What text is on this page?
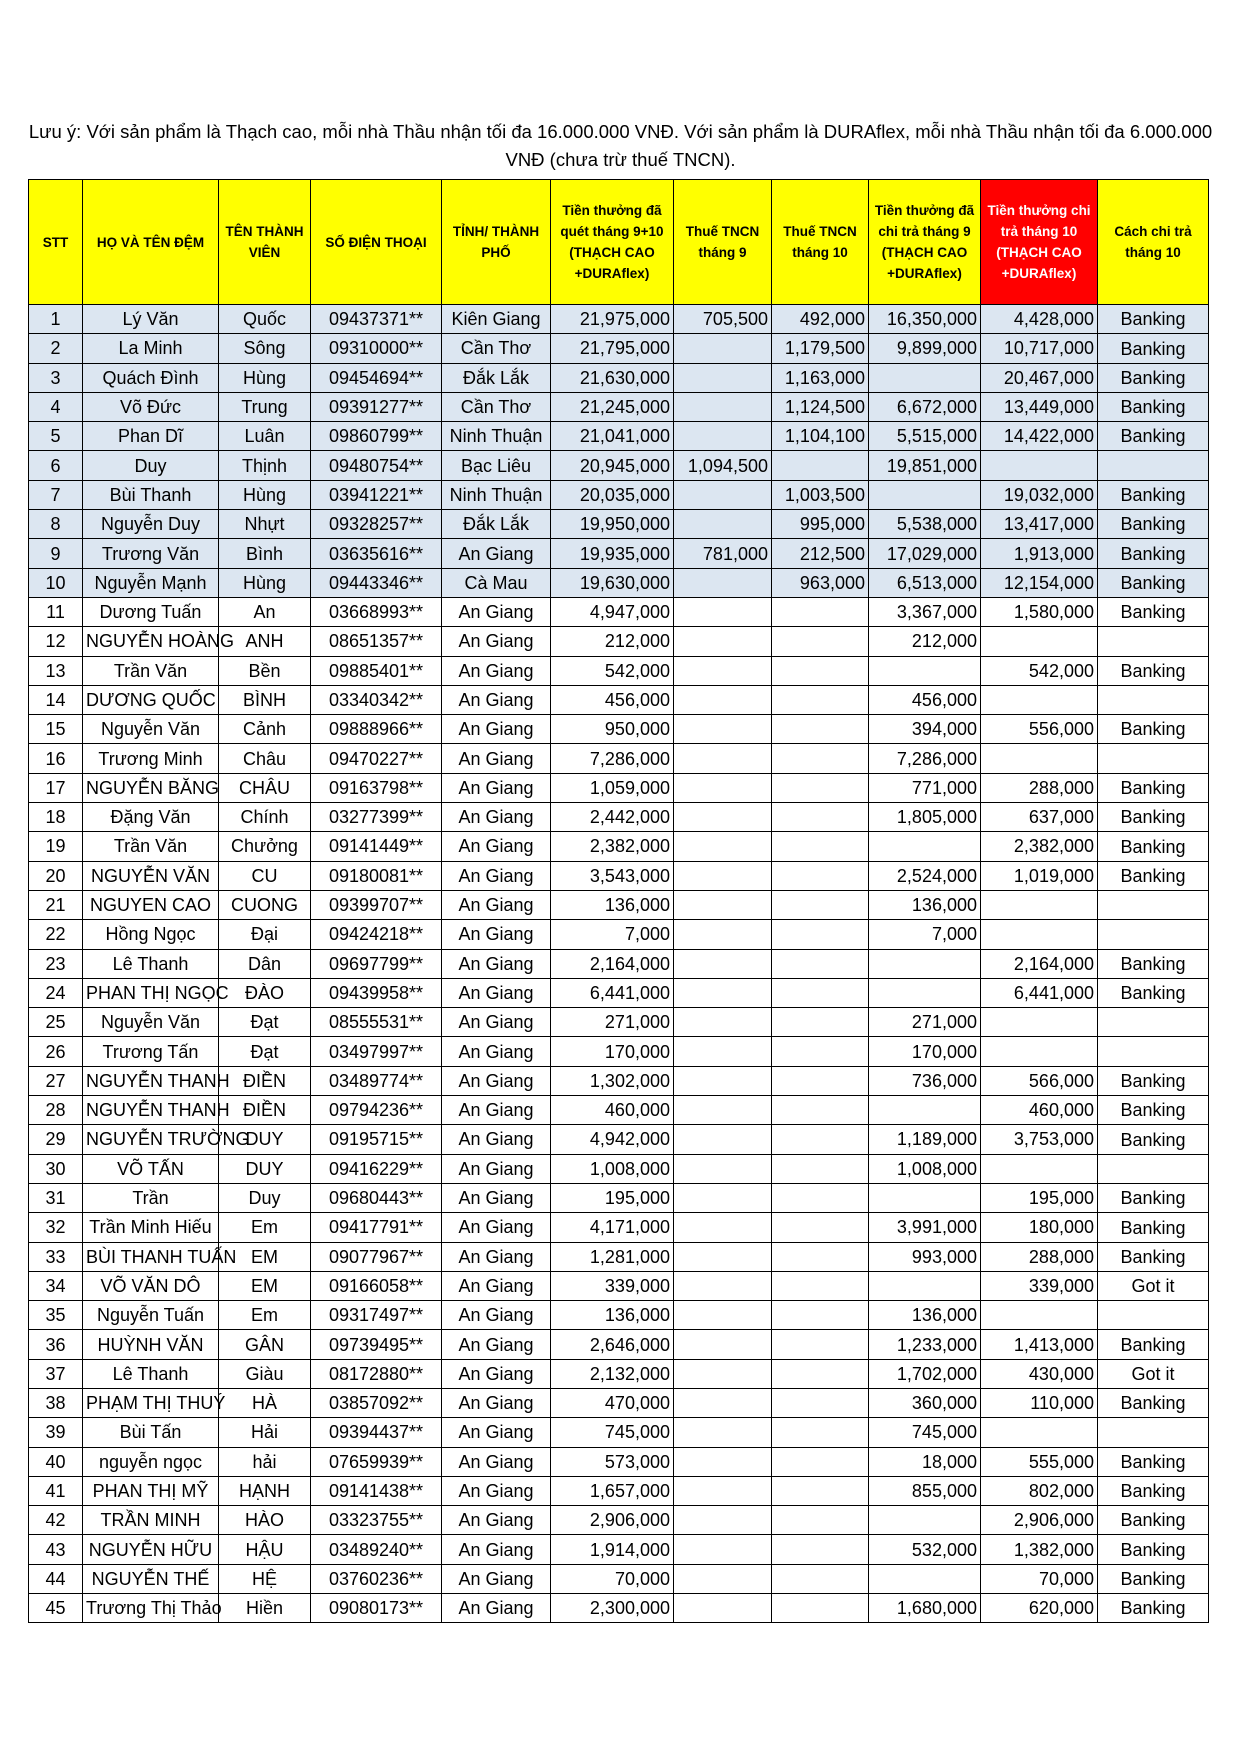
Lưu ý: Với sản phẩm là Thạch cao, mỗi nhà Thầu nhận tối đa 16.000.000 VNĐ. Với sản phẩm là DURAflex, mỗi nhà Thầu nhận tối đa 6.000.000 VNĐ (chưa trừ thuế TNCN).
STT	HỌ VÀ TÊN ĐỆM	TÊN THÀNH VIÊN	SỐ ĐIỆN THOẠI	TỈNH/ THÀNH PHỐ	Tiền thưởng đã quét tháng 9+10 (THẠCH CAO +DURAflex)	Thuế TNCN tháng 9	Thuế TNCN tháng 10	Tiền thưởng đã chi trả tháng 9 (THẠCH CAO +DURAflex)	Tiền thưởng chi trả tháng 10 (THẠCH CAO +DURAflex)	Cách chi trả tháng 10
1	Lý Văn	Quốc	09437371**	Kiên Giang	21,975,000	705,500	492,000	16,350,000	4,428,000	Banking
2	La Minh	Sông	09310000**	Cần Thơ	21,795,000		1,179,500	9,899,000	10,717,000	Banking
3	Quách Đình	Hùng	09454694**	Đắk Lắk	21,630,000		1,163,000		20,467,000	Banking
4	Võ Đức	Trung	09391277**	Cần Thơ	21,245,000		1,124,500	6,672,000	13,449,000	Banking
5	Phan Dĩ	Luân	09860799**	Ninh Thuận	21,041,000		1,104,100	5,515,000	14,422,000	Banking
6	Duy	Thịnh	09480754**	Bạc Liêu	20,945,000	1,094,500		19,851,000		
7	Bùi Thanh	Hùng	03941221**	Ninh Thuận	20,035,000		1,003,500		19,032,000	Banking
8	Nguyễn Duy	Nhựt	09328257**	Đắk Lắk	19,950,000		995,000	5,538,000	13,417,000	Banking
9	Trương Văn	Bình	03635616**	An Giang	19,935,000	781,000	212,500	17,029,000	1,913,000	Banking
10	Nguyễn Mạnh	Hùng	09443346**	Cà Mau	19,630,000		963,000	6,513,000	12,154,000	Banking
11	Dương Tuấn	An	03668993**	An Giang	4,947,000			3,367,000	1,580,000	Banking
12	NGUYỄN HOÀNG	ANH	08651357**	An Giang	212,000			212,000		
13	Trần Văn	Bền	09885401**	An Giang	542,000				542,000	Banking
14	DƯƠNG QUỐC	BÌNH	03340342**	An Giang	456,000			456,000		
15	Nguyễn Văn	Cảnh	09888966**	An Giang	950,000			394,000	556,000	Banking
16	Trương Minh	Châu	09470227**	An Giang	7,286,000			7,286,000		
17	NGUYỄN BĂNG	CHÂU	09163798**	An Giang	1,059,000			771,000	288,000	Banking
18	Đặng Văn	Chính	03277399**	An Giang	2,442,000			1,805,000	637,000	Banking
19	Trần Văn	Chưởng	09141449**	An Giang	2,382,000				2,382,000	Banking
20	NGUYỄN VĂN	CU	09180081**	An Giang	3,543,000			2,524,000	1,019,000	Banking
21	NGUYEN CAO	CUONG	09399707**	An Giang	136,000			136,000		
22	Hồng Ngọc	Đại	09424218**	An Giang	7,000			7,000		
23	Lê Thanh	Dân	09697799**	An Giang	2,164,000				2,164,000	Banking
24	PHAN THỊ NGỌC	ĐÀO	09439958**	An Giang	6,441,000				6,441,000	Banking
25	Nguyễn Văn	Đạt	08555531**	An Giang	271,000			271,000		
26	Trương Tấn	Đạt	03497997**	An Giang	170,000			170,000		
27	NGUYỄN THANH	ĐIỀN	03489774**	An Giang	1,302,000			736,000	566,000	Banking
28	NGUYỄN THANH	ĐIỀN	09794236**	An Giang	460,000				460,000	Banking
29	NGUYỄN TRƯỜNG	DUY	09195715**	An Giang	4,942,000			1,189,000	3,753,000	Banking
30	VÕ TẤN	DUY	09416229**	An Giang	1,008,000			1,008,000		
31	Trần	Duy	09680443**	An Giang	195,000				195,000	Banking
32	Trần Minh Hiếu	Em	09417791**	An Giang	4,171,000			3,991,000	180,000	Banking
33	BÙI THANH TUẤN	EM	09077967**	An Giang	1,281,000			993,000	288,000	Banking
34	VÕ VĂN DÔ	EM	09166058**	An Giang	339,000				339,000	Got it
35	Nguyễn Tuấn	Em	09317497**	An Giang	136,000			136,000		
36	HUỲNH VĂN	GÂN	09739495**	An Giang	2,646,000			1,233,000	1,413,000	Banking
37	Lê Thanh	Giàu	08172880**	An Giang	2,132,000			1,702,000	430,000	Got it
38	PHẠM THỊ THUÝ	HÀ	03857092**	An Giang	470,000			360,000	110,000	Banking
39	Bùi Tấn	Hải	09394437**	An Giang	745,000			745,000		
40	nguyễn ngọc	hải	07659939**	An Giang	573,000			18,000	555,000	Banking
41	PHAN THỊ MỸ	HẠNH	09141438**	An Giang	1,657,000			855,000	802,000	Banking
42	TRẦN MINH	HÀO	03323755**	An Giang	2,906,000				2,906,000	Banking
43	NGUYỄN HỮU	HẬU	03489240**	An Giang	1,914,000			532,000	1,382,000	Banking
44	NGUYỄN THẾ	HỆ	03760236**	An Giang	70,000				70,000	Banking
45	Trương Thị Thảo	Hiền	09080173**	An Giang	2,300,000			1,680,000	620,000	Banking
